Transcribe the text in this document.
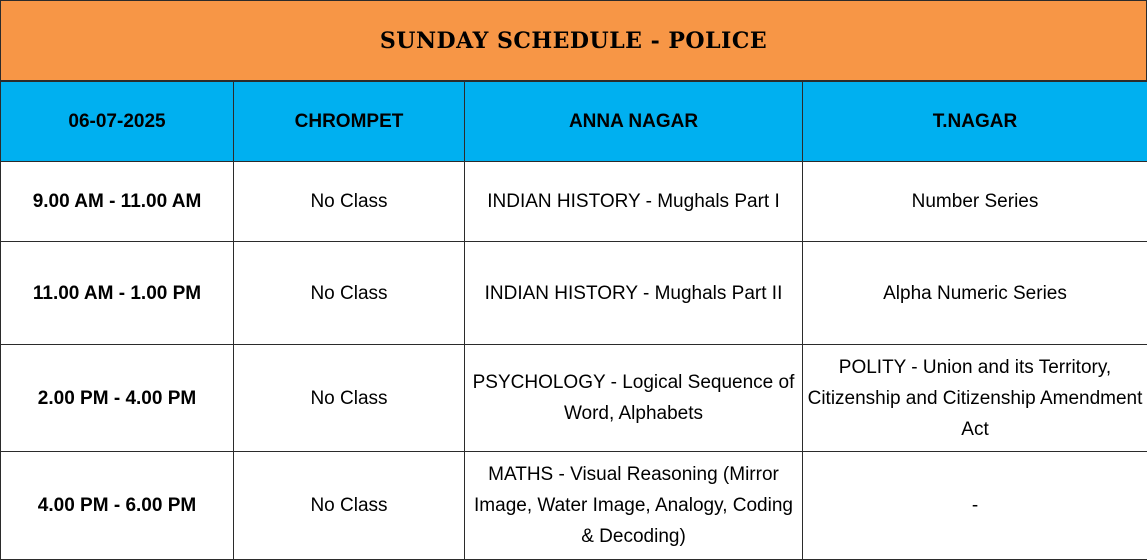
SUNDAY SCHEDULE - POLICE
06-07-2025	CHROMPET	ANNA NAGAR	T.NAGAR
9.00 AM - 11.00 AM	No Class	INDIAN HISTORY - Mughals Part I	Number Series
11.00 AM - 1.00 PM	No Class	INDIAN HISTORY - Mughals Part II	Alpha Numeric Series
2.00 PM - 4.00 PM	No Class	PSYCHOLOGY - Logical Sequence of Word, Alphabets	POLITY - Union and its Territory, Citizenship and Citizenship Amendment Act
4.00 PM - 6.00 PM	No Class	MATHS - Visual Reasoning (Mirror Image, Water Image, Analogy, Coding & Decoding)	-
